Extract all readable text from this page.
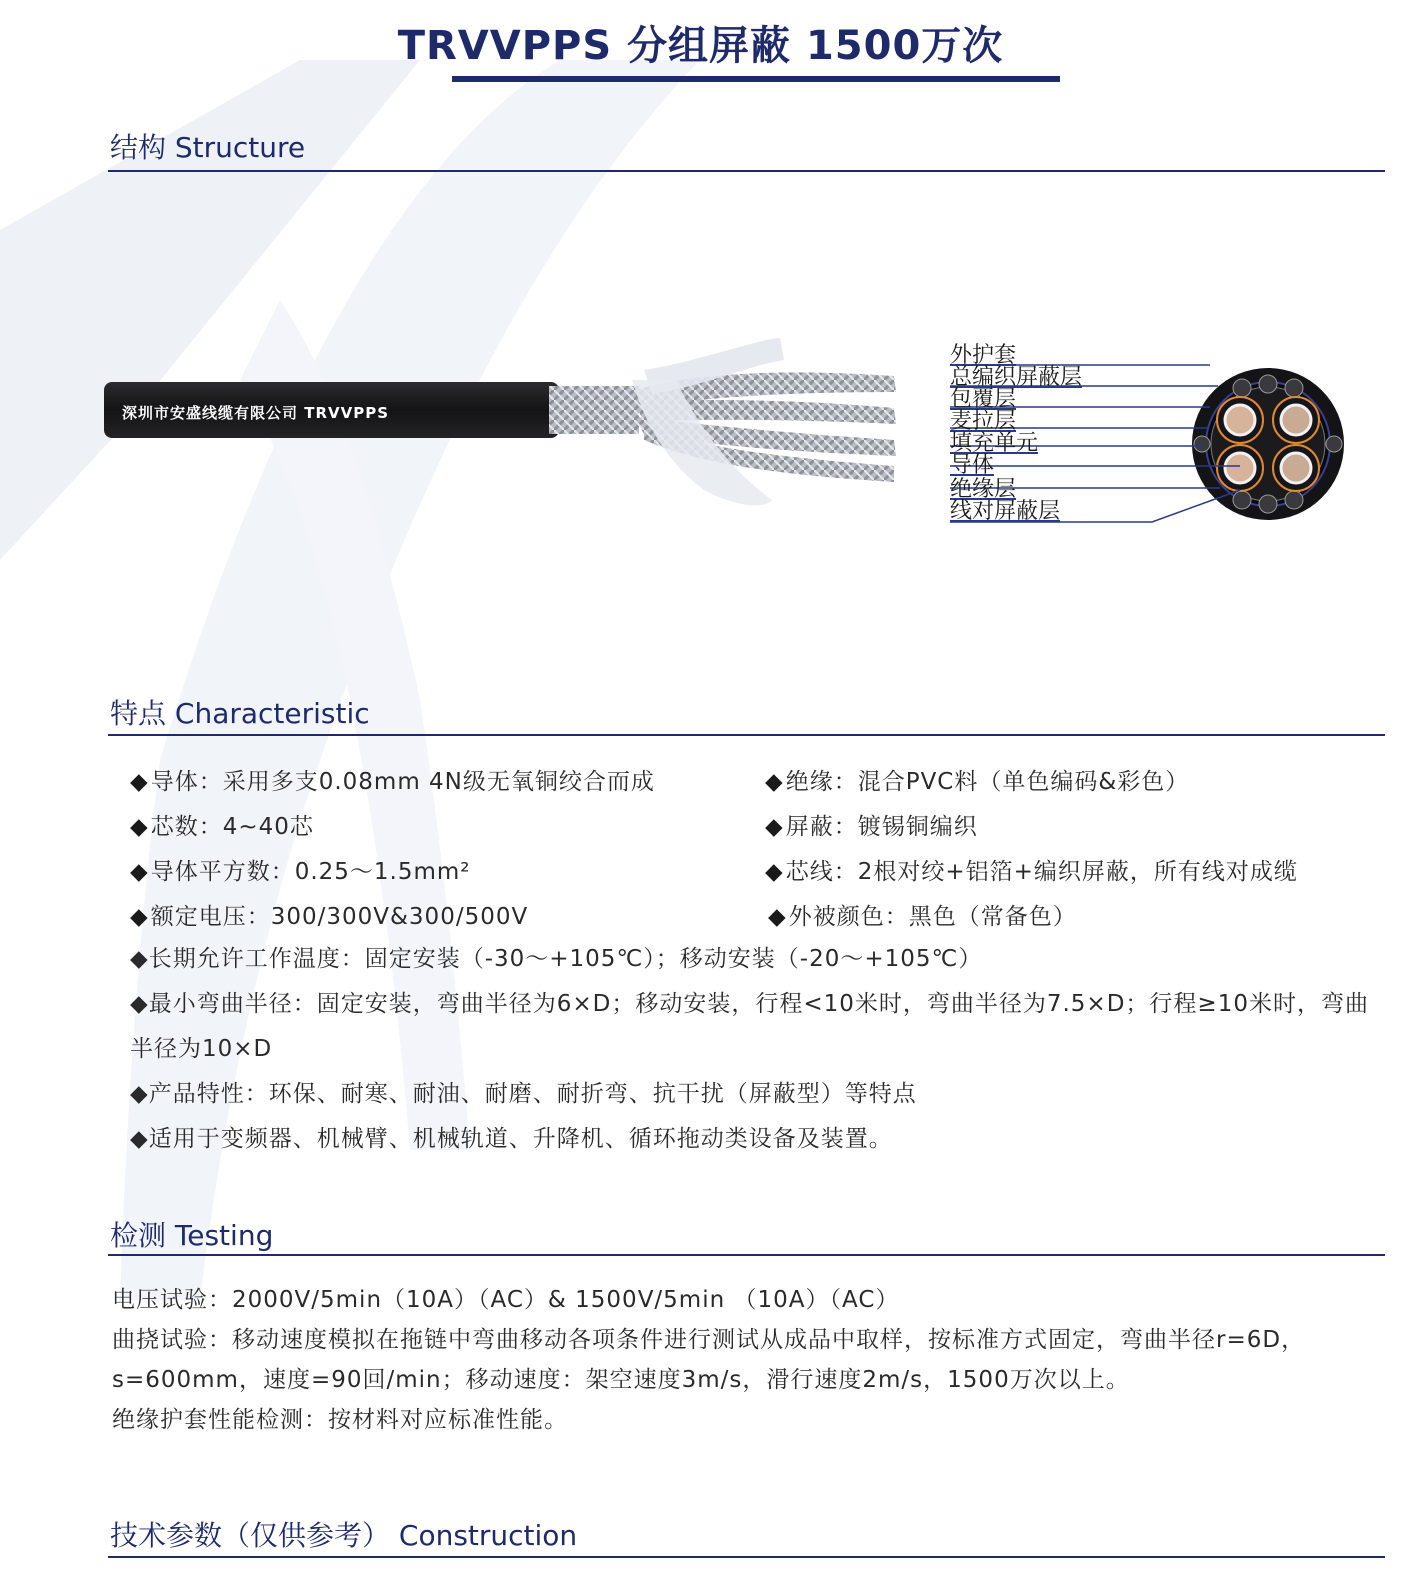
TRVVPPS 分组屏蔽 1500万次
结构 Structure
深圳市安盛线缆有限公司 TRVVPPS
外护套
总编织屏蔽层
包覆层
麦拉层
填充单元
导体
绝缘层
线对屏蔽层
特点 Characteristic
◆导体：采用多支0.08mm 4N级无氧铜绞合而成
◆芯数：4~40芯
◆导体平方数：0.25～1.5mm²
◆额定电压：300/300V&300/500V
◆绝缘：混合PVC料（单色编码&彩色）
◆屏蔽：镀锡铜编织
◆芯线：2根对绞+铝箔+编织屏蔽，所有线对成缆
◆外被颜色：黑色（常备色）
◆长期允许工作温度：固定安装（-30～+105℃）；移动安装（-20～+105℃）
◆最小弯曲半径：固定安装，弯曲半径为6×D；移动安装，行程<10米时，弯曲半径为7.5×D；行程≥10米时，弯曲半径为10×D
◆产品特性：环保、耐寒、耐油、耐磨、耐折弯、抗干扰（屏蔽型）等特点
◆适用于变频器、机械臂、机械轨道、升降机、循环拖动类设备及装置。
检测 Testing
电压试验：2000V/5min（10A）（AC）& 1500V/5min （10A）（AC）
曲挠试验：移动速度模拟在拖链中弯曲移动各项条件进行测试从成品中取样，按标准方式固定，弯曲半径r=6D，s=600mm，速度=90回/min；移动速度：架空速度3m/s，滑行速度2m/s，1500万次以上。
绝缘护套性能检测：按材料对应标准性能。
技术参数（仅供参考） Construction
